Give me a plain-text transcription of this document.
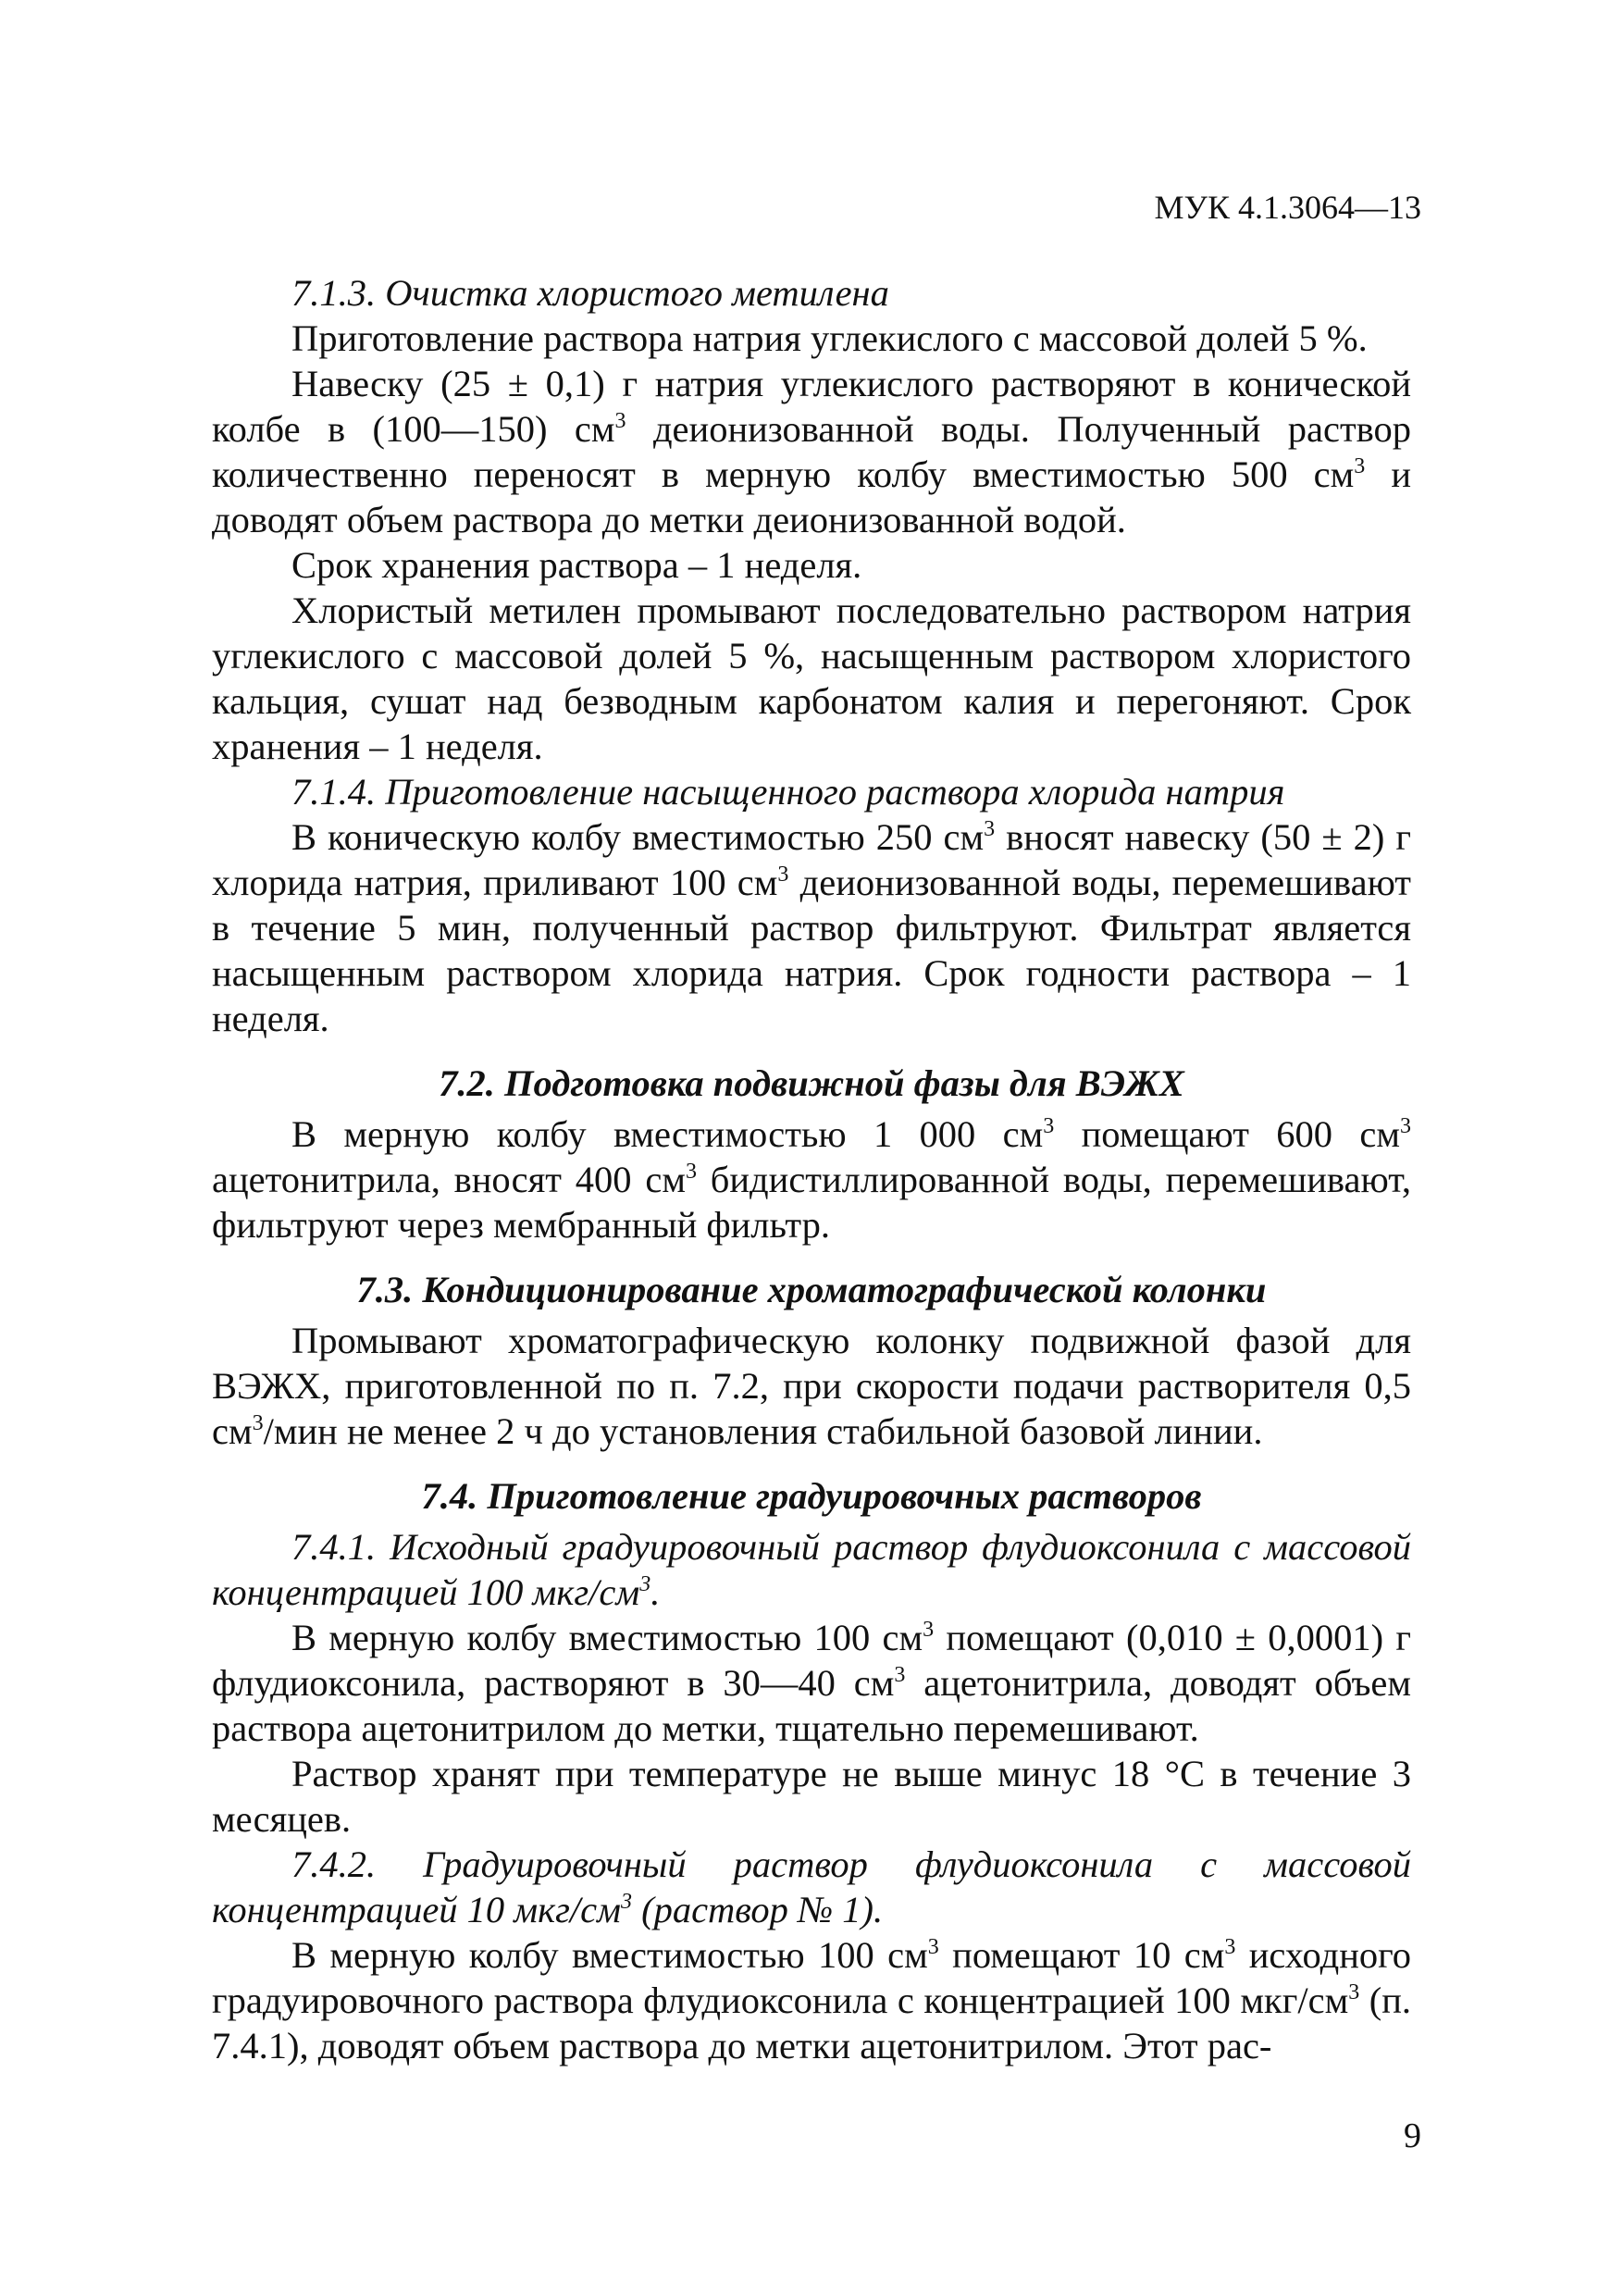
МУК 4.1.3064—13

7.1.3. Очистка хлористого метилена

Приготовление раствора натрия углекислого с массовой долей 5 %.

Навеску (25 ± 0,1) г натрия углекислого растворяют в конической колбе в (100—150) $см^3$ деионизованной воды. Полученный раствор количественно переносят в мерную колбу вместимостью 500 $см^3$ и доводят объем раствора до метки деионизованной водой.

Срок хранения раствора – 1 неделя.

Хлористый метилен промывают последовательно раствором натрия углекислого с массовой долей 5 %, насыщенным раствором хлористого кальция, сушат над безводным карбонатом калия и перегоняют. Срок хранения – 1 неделя.

7.1.4. Приготовление насыщенного раствора хлорида натрия

В коническую колбу вместимостью 250 $см^3$ вносят навеску (50 ± 2) г хлорида натрия, приливают 100 $см^3$ деионизованной воды, перемешивают в течение 5 мин, полученный раствор фильтруют. Фильтрат является насыщенным раствором хлорида натрия. Срок годности раствора – 1 неделя.

7.2. Подготовка подвижной фазы для ВЭЖХ

В мерную колбу вместимостью 1 000 $см^3$ помещают 600 $см^3$ ацетонитрила, вносят 400 $см^3$ бидистиллированной воды, перемешивают, фильтруют через мембранный фильтр.

7.3. Кондиционирование хроматографической колонки

Промывают хроматографическую колонку подвижной фазой для ВЭЖХ, приготовленной по п. 7.2, при скорости подачи растворителя 0,5 $см^3$/мин не менее 2 ч до установления стабильной базовой линии.

7.4. Приготовление градуировочных растворов

7.4.1. Исходный градуировочный раствор флудиоксонила с массовой концентрацией 100 мкг/$см^3$.

В мерную колбу вместимостью 100 $см^3$ помещают (0,010 ± 0,0001) г флудиоксонила, растворяют в 30—40 $см^3$ ацетонитрила, доводят объем раствора ацетонитрилом до метки, тщательно перемешивают.

Раствор хранят при температуре не выше минус 18 °С в течение 3 месяцев.

7.4.2. Градуировочный раствор флудиоксонила с массовой концентрацией 10 мкг/$см^3$ (раствор № 1).

В мерную колбу вместимостью 100 $см^3$ помещают 10 $см^3$ исходного градуировочного раствора флудиоксонила с концентрацией 100 мкг/$см^3$ (п. 7.4.1), доводят объем раствора до метки ацетонитрилом. Этот рас-

9
